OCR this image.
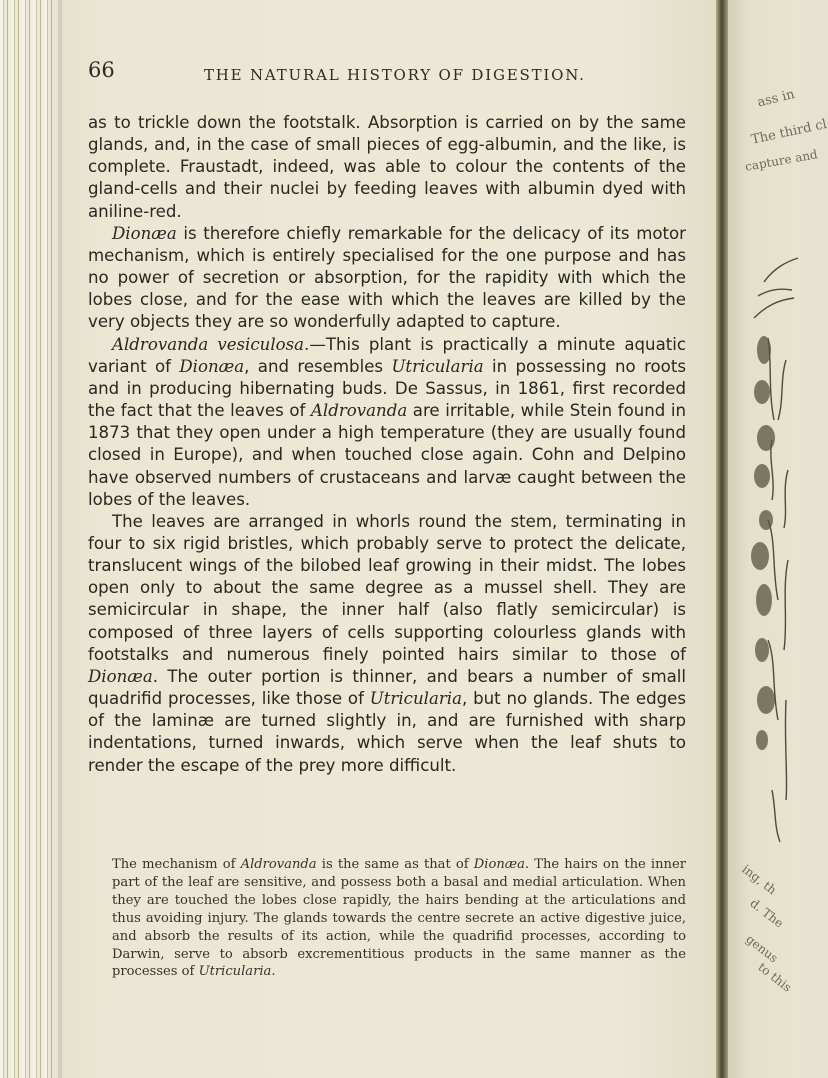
ass in
The third cl
capture and
ing, th
d. The
genus
to this
66	THE NATURAL HISTORY OF DIGESTION.

as to trickle down the footstalk. Absorption is carried on by the same glands, and, in the case of small pieces of egg-albumin, and the like, is complete. Fraustadt, indeed, was able to colour the contents of the gland-cells and their nuclei by feeding leaves with albumin dyed with aniline-red.

Dionæa is therefore chiefly remarkable for the delicacy of its motor mechanism, which is entirely specialised for the one purpose and has no power of secretion or absorption, for the rapidity with which the lobes close, and for the ease with which the leaves are killed by the very objects they are so wonderfully adapted to capture.

Aldrovanda vesiculosa.—This plant is practically a minute aquatic variant of Dionæa, and resembles Utricularia in possessing no roots and in producing hibernating buds. De Sassus, in 1861, first recorded the fact that the leaves of Aldrovanda are irritable, while Stein found in 1873 that they open under a high temperature (they are usually found closed in Europe), and when touched close again. Cohn and Delpino have observed numbers of crustaceans and larvæ caught between the lobes of the leaves.

The leaves are arranged in whorls round the stem, terminating in four to six rigid bristles, which probably serve to protect the delicate, translucent wings of the bilobed leaf growing in their midst. The lobes open only to about the same degree as a mussel shell. They are semicircular in shape, the inner half (also flatly semicircular) is composed of three layers of cells supporting colourless glands with footstalks and numerous finely pointed hairs similar to those of Dionæa. The outer portion is thinner, and bears a number of small quadrifid processes, like those of Utricularia, but no glands. The edges of the laminæ are turned slightly in, and are furnished with sharp indentations, turned inwards, which serve when the leaf shuts to render the escape of the prey more difficult.

The mechanism of Aldrovanda is the same as that of Dionæa. The hairs on the inner part of the leaf are sensitive, and possess both a basal and medial articulation. When they are touched the lobes close rapidly, the hairs bending at the articulations and thus avoiding injury. The glands towards the centre secrete an active digestive juice, and absorb the results of its action, while the quadrifid processes, according to Darwin, serve to absorb excrementitious products in the same manner as the processes of Utricularia.
